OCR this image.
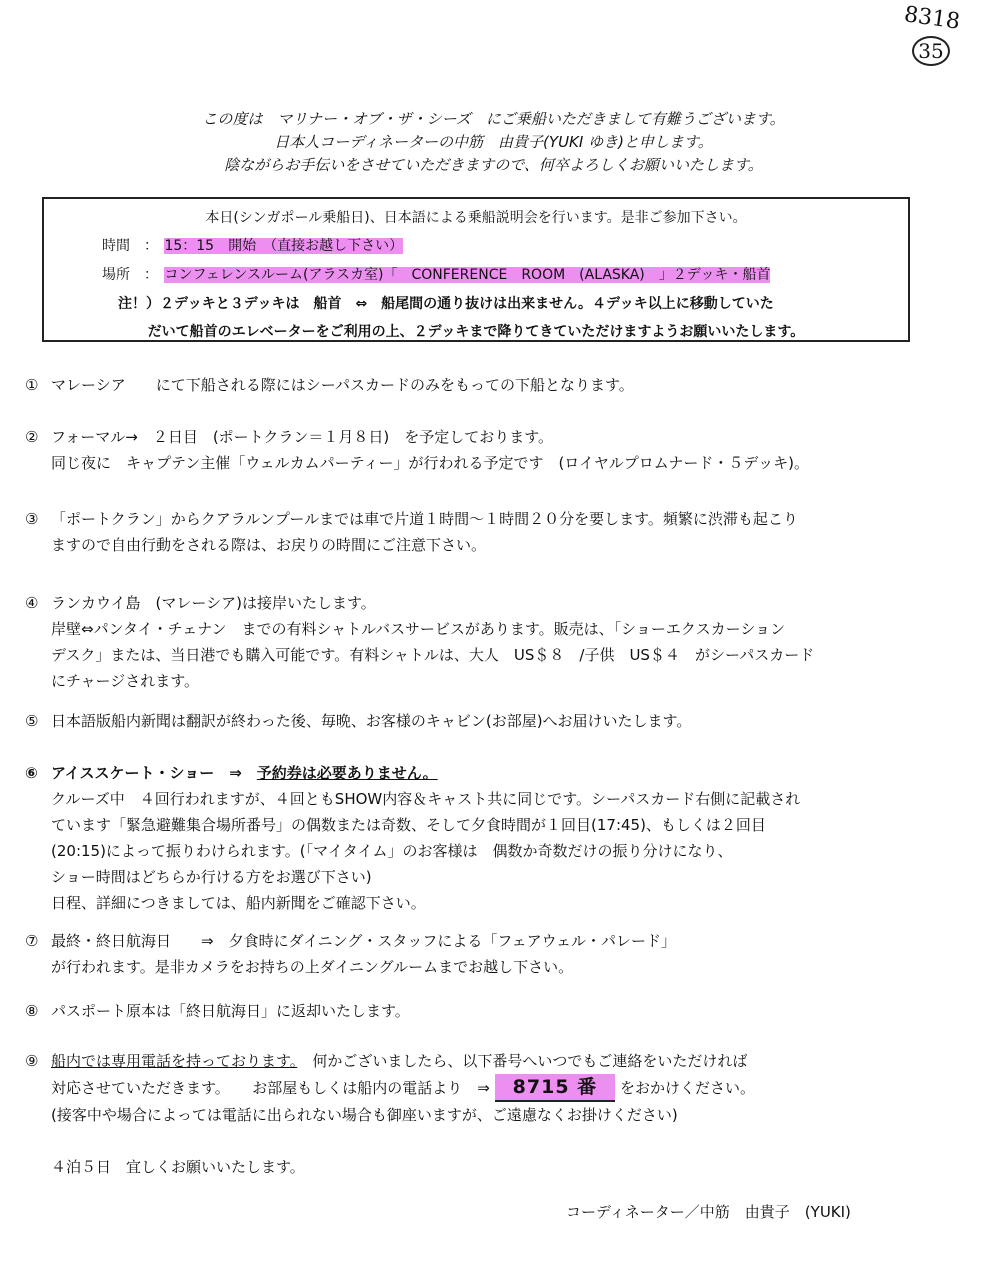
8318
35
この度は　マリナー・オブ・ザ・シーズ　にご乗船いただきまして有難うございます。
日本人コーディネーターの中筋　由貴子(YUKI ゆき)と申します。
陰ながらお手伝いをさせていただきますので、何卒よろしくお願いいたします。
本日(シンガポール乗船日)、日本語による乗船説明会を行います。是非ご参加下さい。
時間　： 15：15　開始　（直接お越し下さい）
場所　： コンフェレンスルーム(アラスカ室)「　CONFERENCE　ROOM　(ALASKA)　」２デッキ・船首
注！）２デッキと３デッキは　船首　⇔　船尾間の通り抜けは出来ません。４デッキ以上に移動していた
だいて船首のエレベーターをご利用の上、２デッキまで降りてきていただけますようお願いいたします。
① マレーシア　　にて下船される際にはシーパスカードのみをもっての下船となります。
② フォーマル→　２日目　(ポートクラン＝１月８日)　を予定しております。
同じ夜に　キャプテン主催「ウェルカムパーティー」が行われる予定です　(ロイヤルプロムナード・５デッキ)。
③ 「ポートクラン」からクアラルンプールまでは車で片道１時間～１時間２０分を要します。頻繁に渋滞も起こり
ますので自由行動をされる際は、お戻りの時間にご注意下さい。
④ ランカウイ島　(マレーシア)は接岸いたします。
岸壁⇔パンタイ・チェナン　までの有料シャトルバスサービスがあります。販売は、「ショーエクスカーション
デスク」または、当日港でも購入可能です。有料シャトルは、大人　US＄８　/子供　US＄４　がシーパスカード
にチャージされます。
⑤ 日本語版船内新聞は翻訳が終わった後、毎晩、お客様のキャビン(お部屋)へお届けいたします。
⑥ アイススケート・ショー　⇒　予約券は必要ありません。
クルーズ中　４回行われますが、４回ともSHOW内容＆キャスト共に同じです。シーパスカード右側に記載され
ています「緊急避難集合場所番号」の偶数または奇数、そして夕食時間が１回目(17:45)、もしくは２回目
(20:15)によって振りわけられます。(「マイタイム」のお客様は　偶数か奇数だけの振り分けになり、
ショー時間はどちらか行ける方をお選び下さい)
日程、詳細につきましては、船内新聞をご確認下さい。
⑦ 最終・終日航海日　　⇒　夕食時にダイニング・スタッフによる「フェアウェル・パレード」
が行われます。是非カメラをお持ちの上ダイニングルームまでお越し下さい。
⑧ パスポート原本は「終日航海日」に返却いたします。
⑨ 船内では専用電話を持っております。　何かございましたら、以下番号へいつでもご連絡をいただければ
対応させていただきます。　　お部屋もしくは船内の電話より　⇒ 8715 番 をおかけください。
(接客中や場合によっては電話に出られない場合も御座いますが、ご遠慮なくお掛けください)
４泊５日　宜しくお願いいたします。
コーディネーター／中筋　由貴子　(YUKI)
